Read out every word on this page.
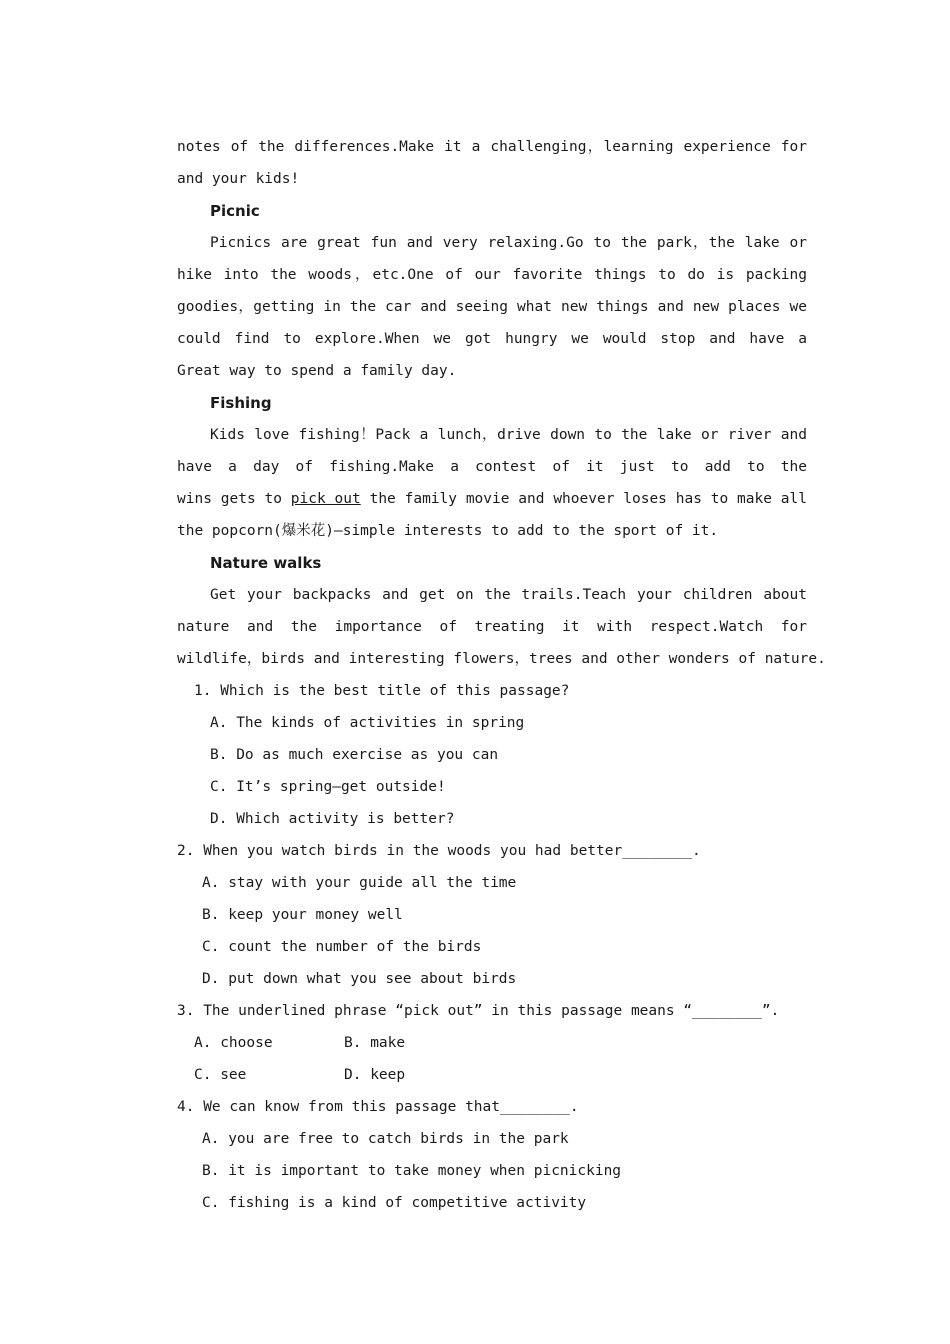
notes of the differences.Make it a challenging，learning experience for
and your kids!
Picnic
Picnics are great fun and very relaxing.Go to the park，the lake or
hike into the woods，etc.One of our favorite things to do is packing
goodies，getting in the car and seeing what new things and new places we
could find to explore.When we got hungry we would stop and have a
Great way to spend a family day.
Fishing
Kids love fishing！Pack a lunch，drive down to the lake or river and
have a day of fishing.Make a contest of it just to add to the
wins gets to pick out the family movie and whoever loses has to make all
the popcorn(爆米花)—simple interests to add to the sport of it.
Nature walks
Get your backpacks and get on the trails.Teach your children about
nature and the importance of treating it with respect.Watch for
wildlife，birds and interesting flowers，trees and other wonders of nature.
1. Which is the best title of this passage?
A. The kinds of activities in spring
B. Do as much exercise as you can
C. It’s spring—get outside!
D. Which activity is better?
2. When you watch birds in the woods you had better________.
A. stay with your guide all the time
B. keep your money well
C. count the number of the birds
D. put down what you see about birds
3. The underlined phrase “pick out” in this passage means “________”.
A. choose	B. make
C. see	D. keep
4. We can know from this passage that________.
A. you are free to catch birds in the park
B. it is important to take money when picnicking
C. fishing is a kind of competitive activity
